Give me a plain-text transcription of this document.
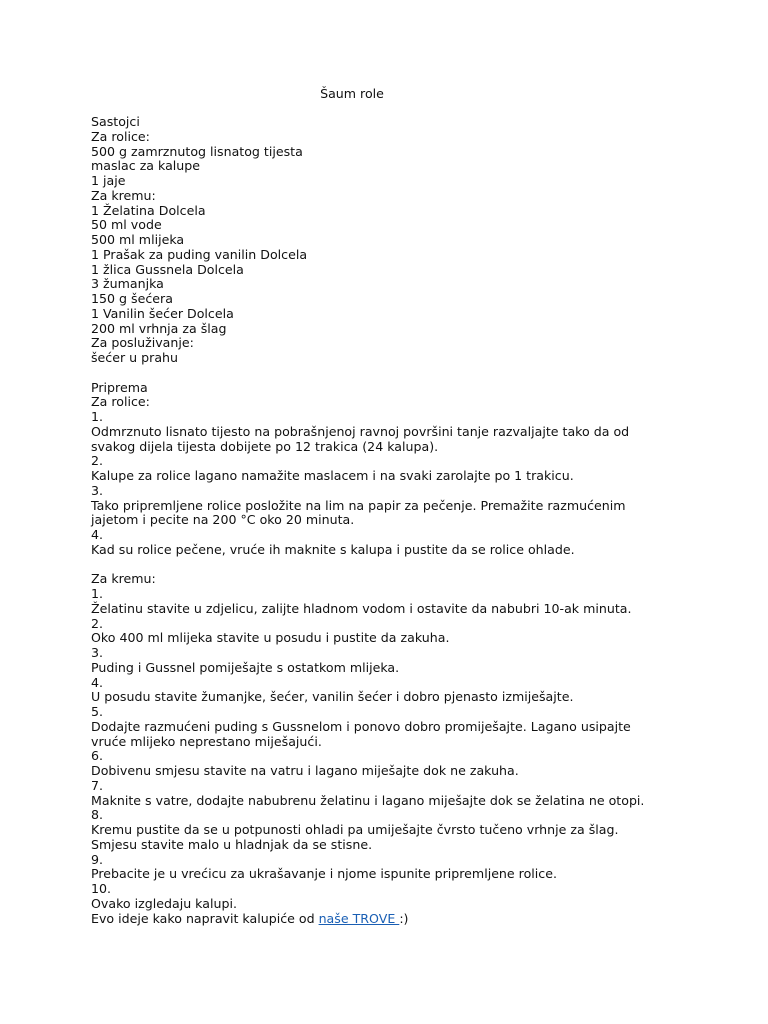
Šaum role
Sastojci
Za rolice:
500 g zamrznutog lisnatog tijesta
maslac za kalupe
1 jaje
Za kremu:
1 Želatina Dolcela
50 ml vode
500 ml mlijeka
1 Prašak za puding vanilin Dolcela
1 žlica Gussnela Dolcela
3 žumanjka
150 g šećera
1 Vanilin šećer Dolcela
200 ml vrhnja za šlag
Za posluživanje:
šećer u prahu
Priprema
Za rolice:
1.
Odmrznuto lisnato tijesto na pobrašnjenoj ravnoj površini tanje razvaljajte tako da od
svakog dijela tijesta dobijete po 12 trakica (24 kalupa).
2.
Kalupe za rolice lagano namažite maslacem i na svaki zarolajte po 1 trakicu.
3.
Tako pripremljene rolice posložite na lim na papir za pečenje. Premažite razmućenim
jajetom i pecite na 200 °C oko 20 minuta.
4.
Kad su rolice pečene, vruće ih maknite s kalupa i pustite da se rolice ohlade.
Za kremu:
1.
Želatinu stavite u zdjelicu, zalijte hladnom vodom i ostavite da nabubri 10-ak minuta.
2.
Oko 400 ml mlijeka stavite u posudu i pustite da zakuha.
3.
Puding i Gussnel pomiješajte s ostatkom mlijeka.
4.
U posudu stavite žumanjke, šećer, vanilin šećer i dobro pjenasto izmiješajte.
5.
Dodajte razmućeni puding s Gussnelom i ponovo dobro promiješajte. Lagano usipajte
vruće mlijeko neprestano miješajući.
6.
Dobivenu smjesu stavite na vatru i lagano miješajte dok ne zakuha.
7.
Maknite s vatre, dodajte nabubrenu želatinu i lagano miješajte dok se želatina ne otopi.
8.
Kremu pustite da se u potpunosti ohladi pa umiješajte čvrsto tučeno vrhnje za šlag.
Smjesu stavite malo u hladnjak da se stisne.
9.
Prebacite je u vrećicu za ukrašavanje i njome ispunite pripremljene rolice.
10.
Ovako izgledaju kalupi.
Evo ideje kako napravit kalupiće od naše TROVE :)
